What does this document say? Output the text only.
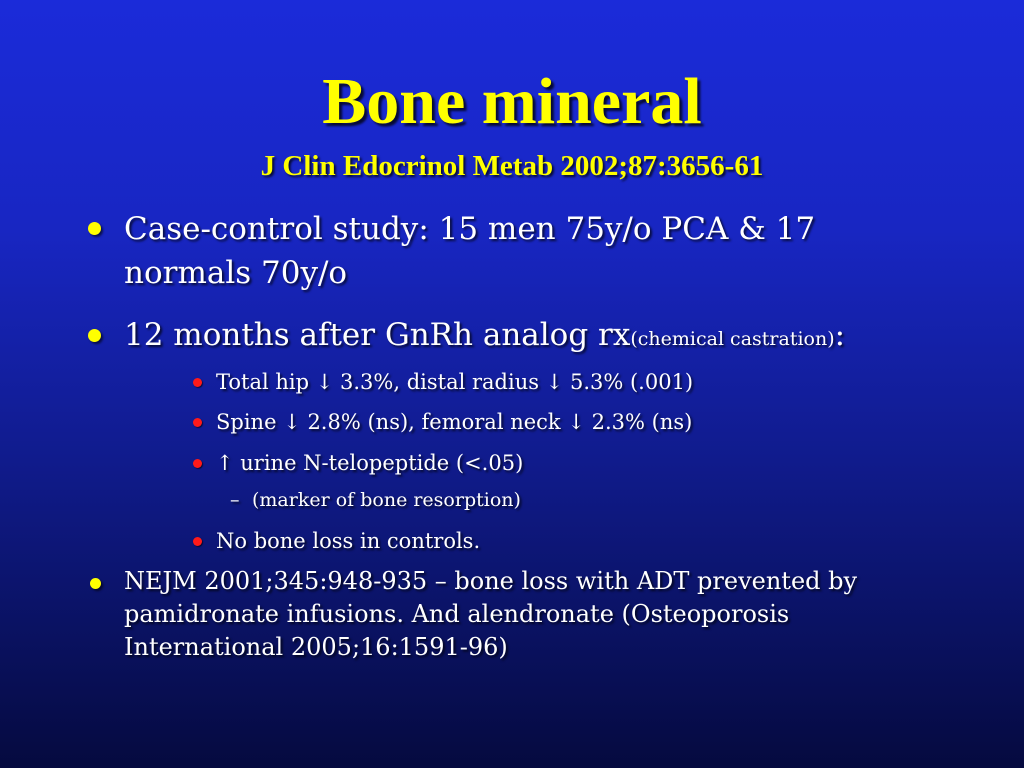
Bone mineral
J Clin Edocrinol Metab 2002;87:3656-61
Case-control study: 15 men 75y/o PCA & 17 normals 70y/o
12 months after GnRh analog rx(chemical castration):
Total hip ↓ 3.3%, distal radius ↓ 5.3% (.001)
Spine ↓ 2.8% (ns), femoral neck ↓ 2.3% (ns)
↑ urine N-telopeptide (<.05)
– (marker of bone resorption)
No bone loss in controls.
NEJM 2001;345:948-935 – bone loss with ADT prevented by pamidronate infusions. And alendronate (Osteoporosis International 2005;16:1591-96)
